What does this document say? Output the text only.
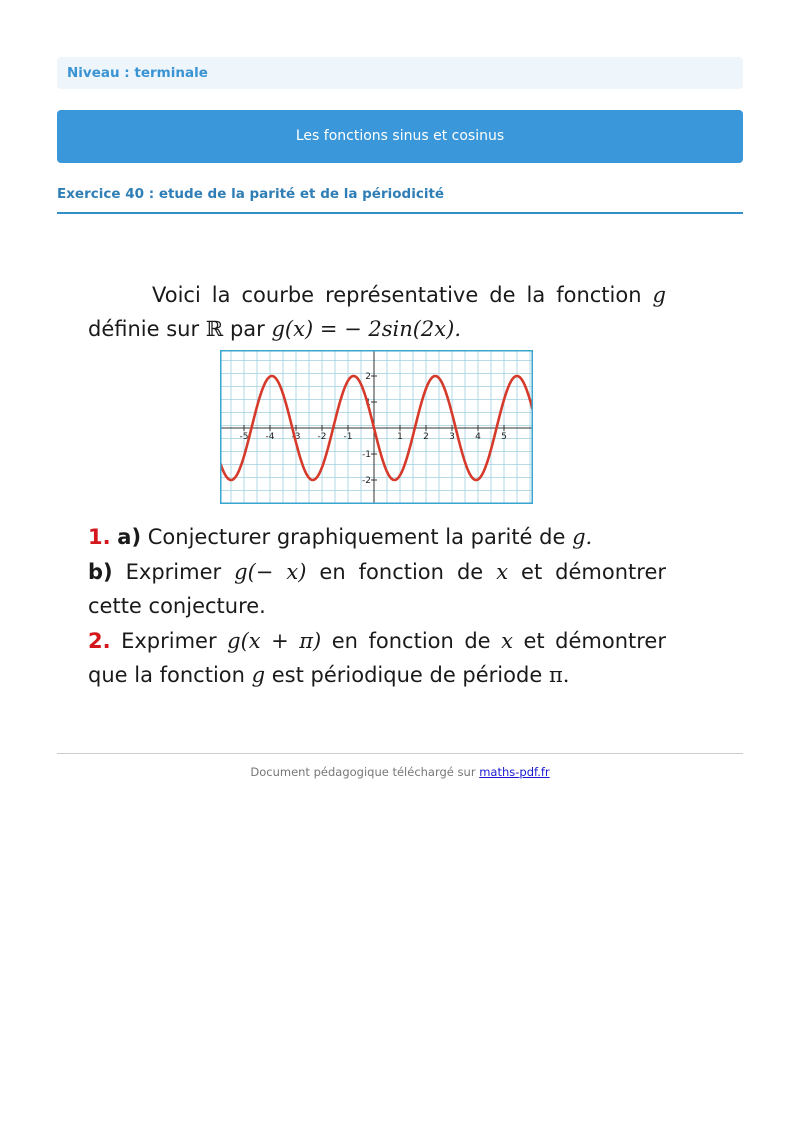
Niveau : terminale
Les fonctions sinus et cosinus
Exercice 40 : etude de la parité et de la périodicité

Voici la courbe représentative de la fonction g

définie sur ℝ par g(x) = − 2sin(2x).

-5 -4 -3 -2 -1	1 2 3 4 5
2
1
-1
-2

1. a) Conjecturer graphiquement la parité de g.

b) Exprimer g(− x) en fonction de x et démontrer

cette conjecture.

2. Exprimer g(x + π) en fonction de x et démontrer

que la fonction g est périodique de période π.

Document pédagogique téléchargé sur maths-pdf.fr
